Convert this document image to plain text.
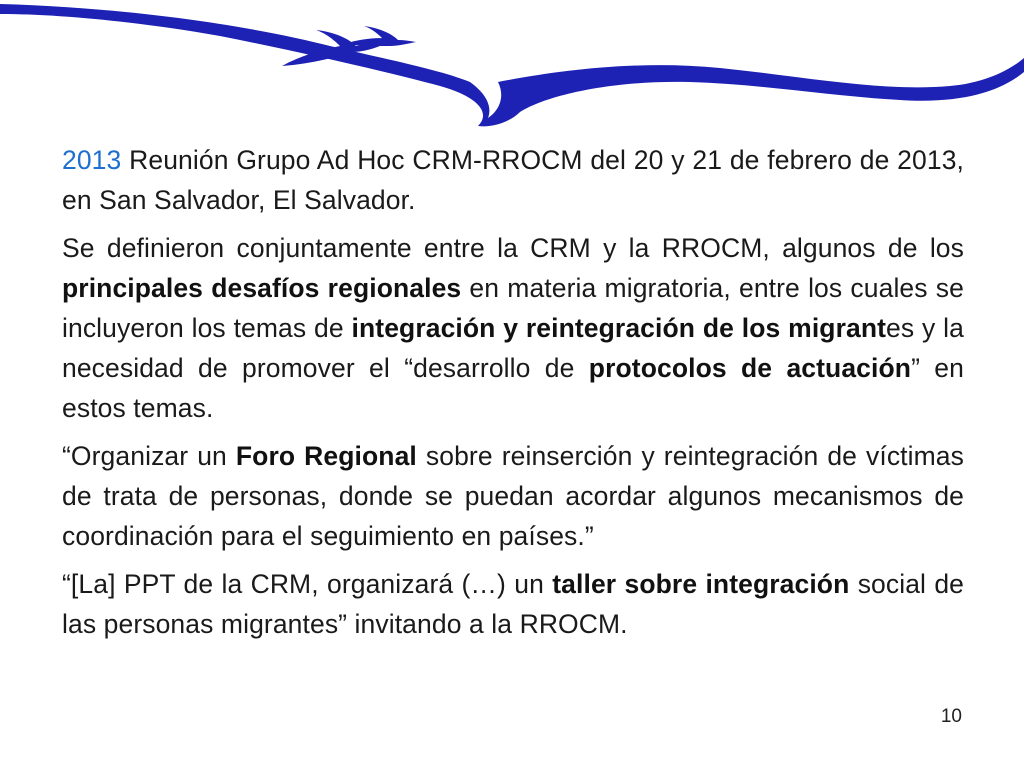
2013 Reunión Grupo Ad Hoc CRM-RROCM del 20 y 21 de febrero de 2013, en San Salvador, El Salvador.

Se definieron conjuntamente entre la CRM y la RROCM, algunos de los principales desafíos regionales en materia migratoria, entre los cuales se incluyeron los temas de integración y reintegración de los migrantes y la necesidad de promover el “desarrollo de protocolos de actuación” en estos temas.

“Organizar un Foro Regional sobre reinserción y reintegración de víctimas de trata de personas, donde se puedan acordar algunos mecanismos de coordinación para el seguimiento en países.”

“[La] PPT de la CRM, organizará (…) un taller sobre integración social de las personas migrantes” invitando a la RROCM.

10
